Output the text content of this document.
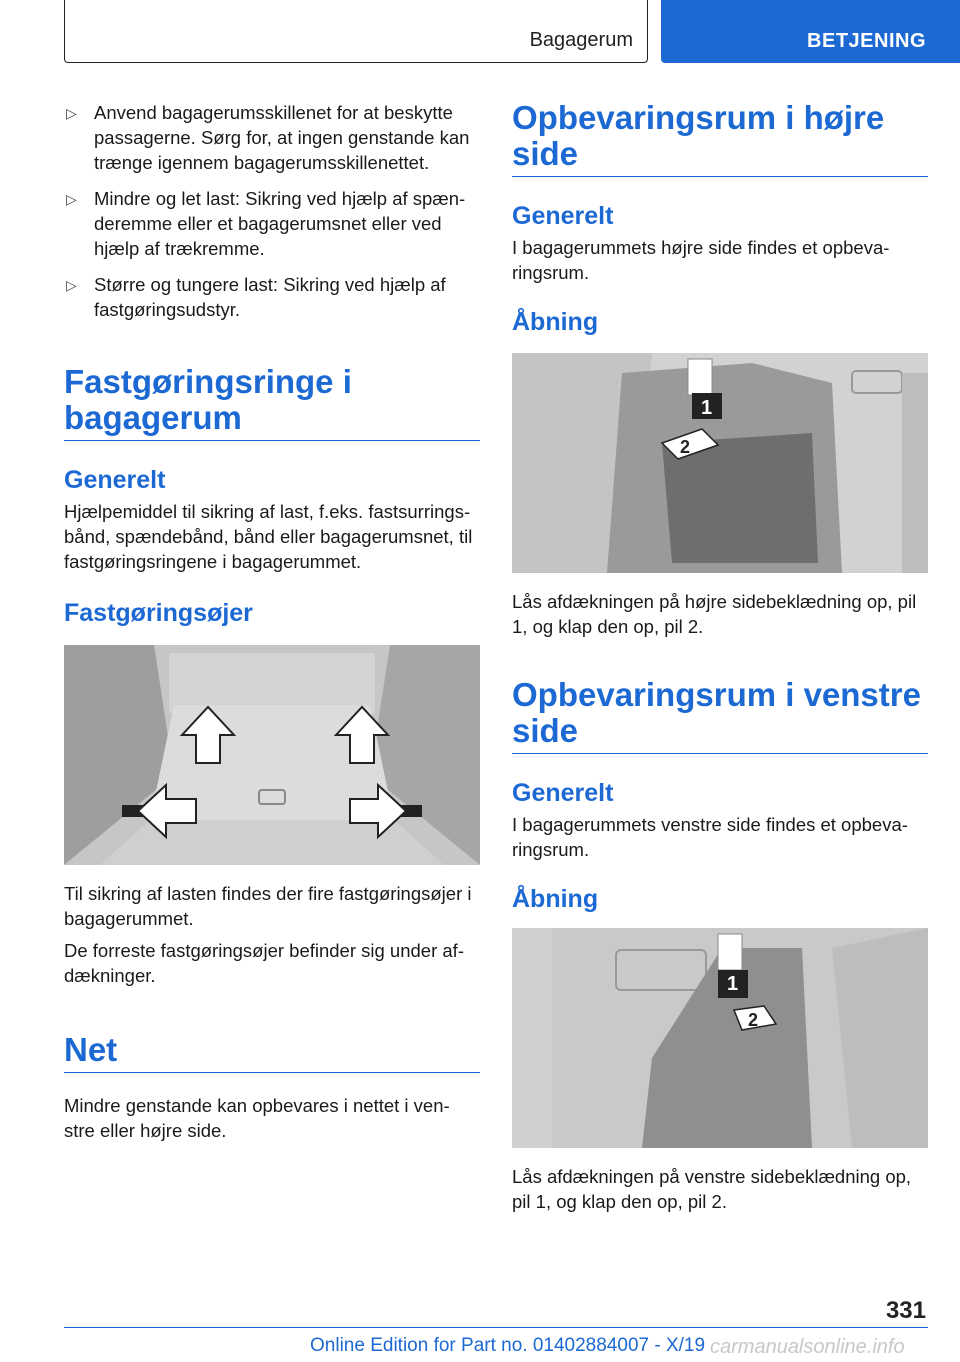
Bagagerum	BETJENING
▷ Anvend bagagerumsskillenet for at beskytte passagerne. Sørg for, at ingen genstande kan trænge igennem bagagerumsskillenettet.
▷ Mindre og let last: Sikring ved hjælp af spæn-deremme eller et bagagerumsnet eller ved hjælp af trækremme.
▷ Større og tungere last: Sikring ved hjælp af fastgøringsudstyr.
Fastgøringsringe i bagagerum
Generelt

Hjælpemiddel til sikring af last, f.eks. fastsurrings-bånd, spændebånd, bånd eller bagagerumsnet, til fastgøringsringene i bagagerummet.

Fastgøringsøjer

Til sikring af lasten findes der fire fastgøringsøjer i bagagerummet.

De forreste fastgøringsøjer befinder sig under af-dækninger.

Net

Mindre genstande kan opbevares i nettet i ven-stre eller højre side.

Opbevaringsrum i højre side
Generelt

I bagagerummets højre side findes et opbeva-ringsrum.

Åbning
1
2

Lås afdækningen på højre sidebeklædning op, pil 1, og klap den op, pil 2.

Opbevaringsrum i venstre side
Generelt

I bagagerummets venstre side findes et opbeva-ringsrum.

Åbning
1
2

Lås afdækningen på venstre sidebeklædning op, pil 1, og klap den op, pil 2.

331
Online Edition for Part no. 01402884007 - X/19 carmanualsonline.info
